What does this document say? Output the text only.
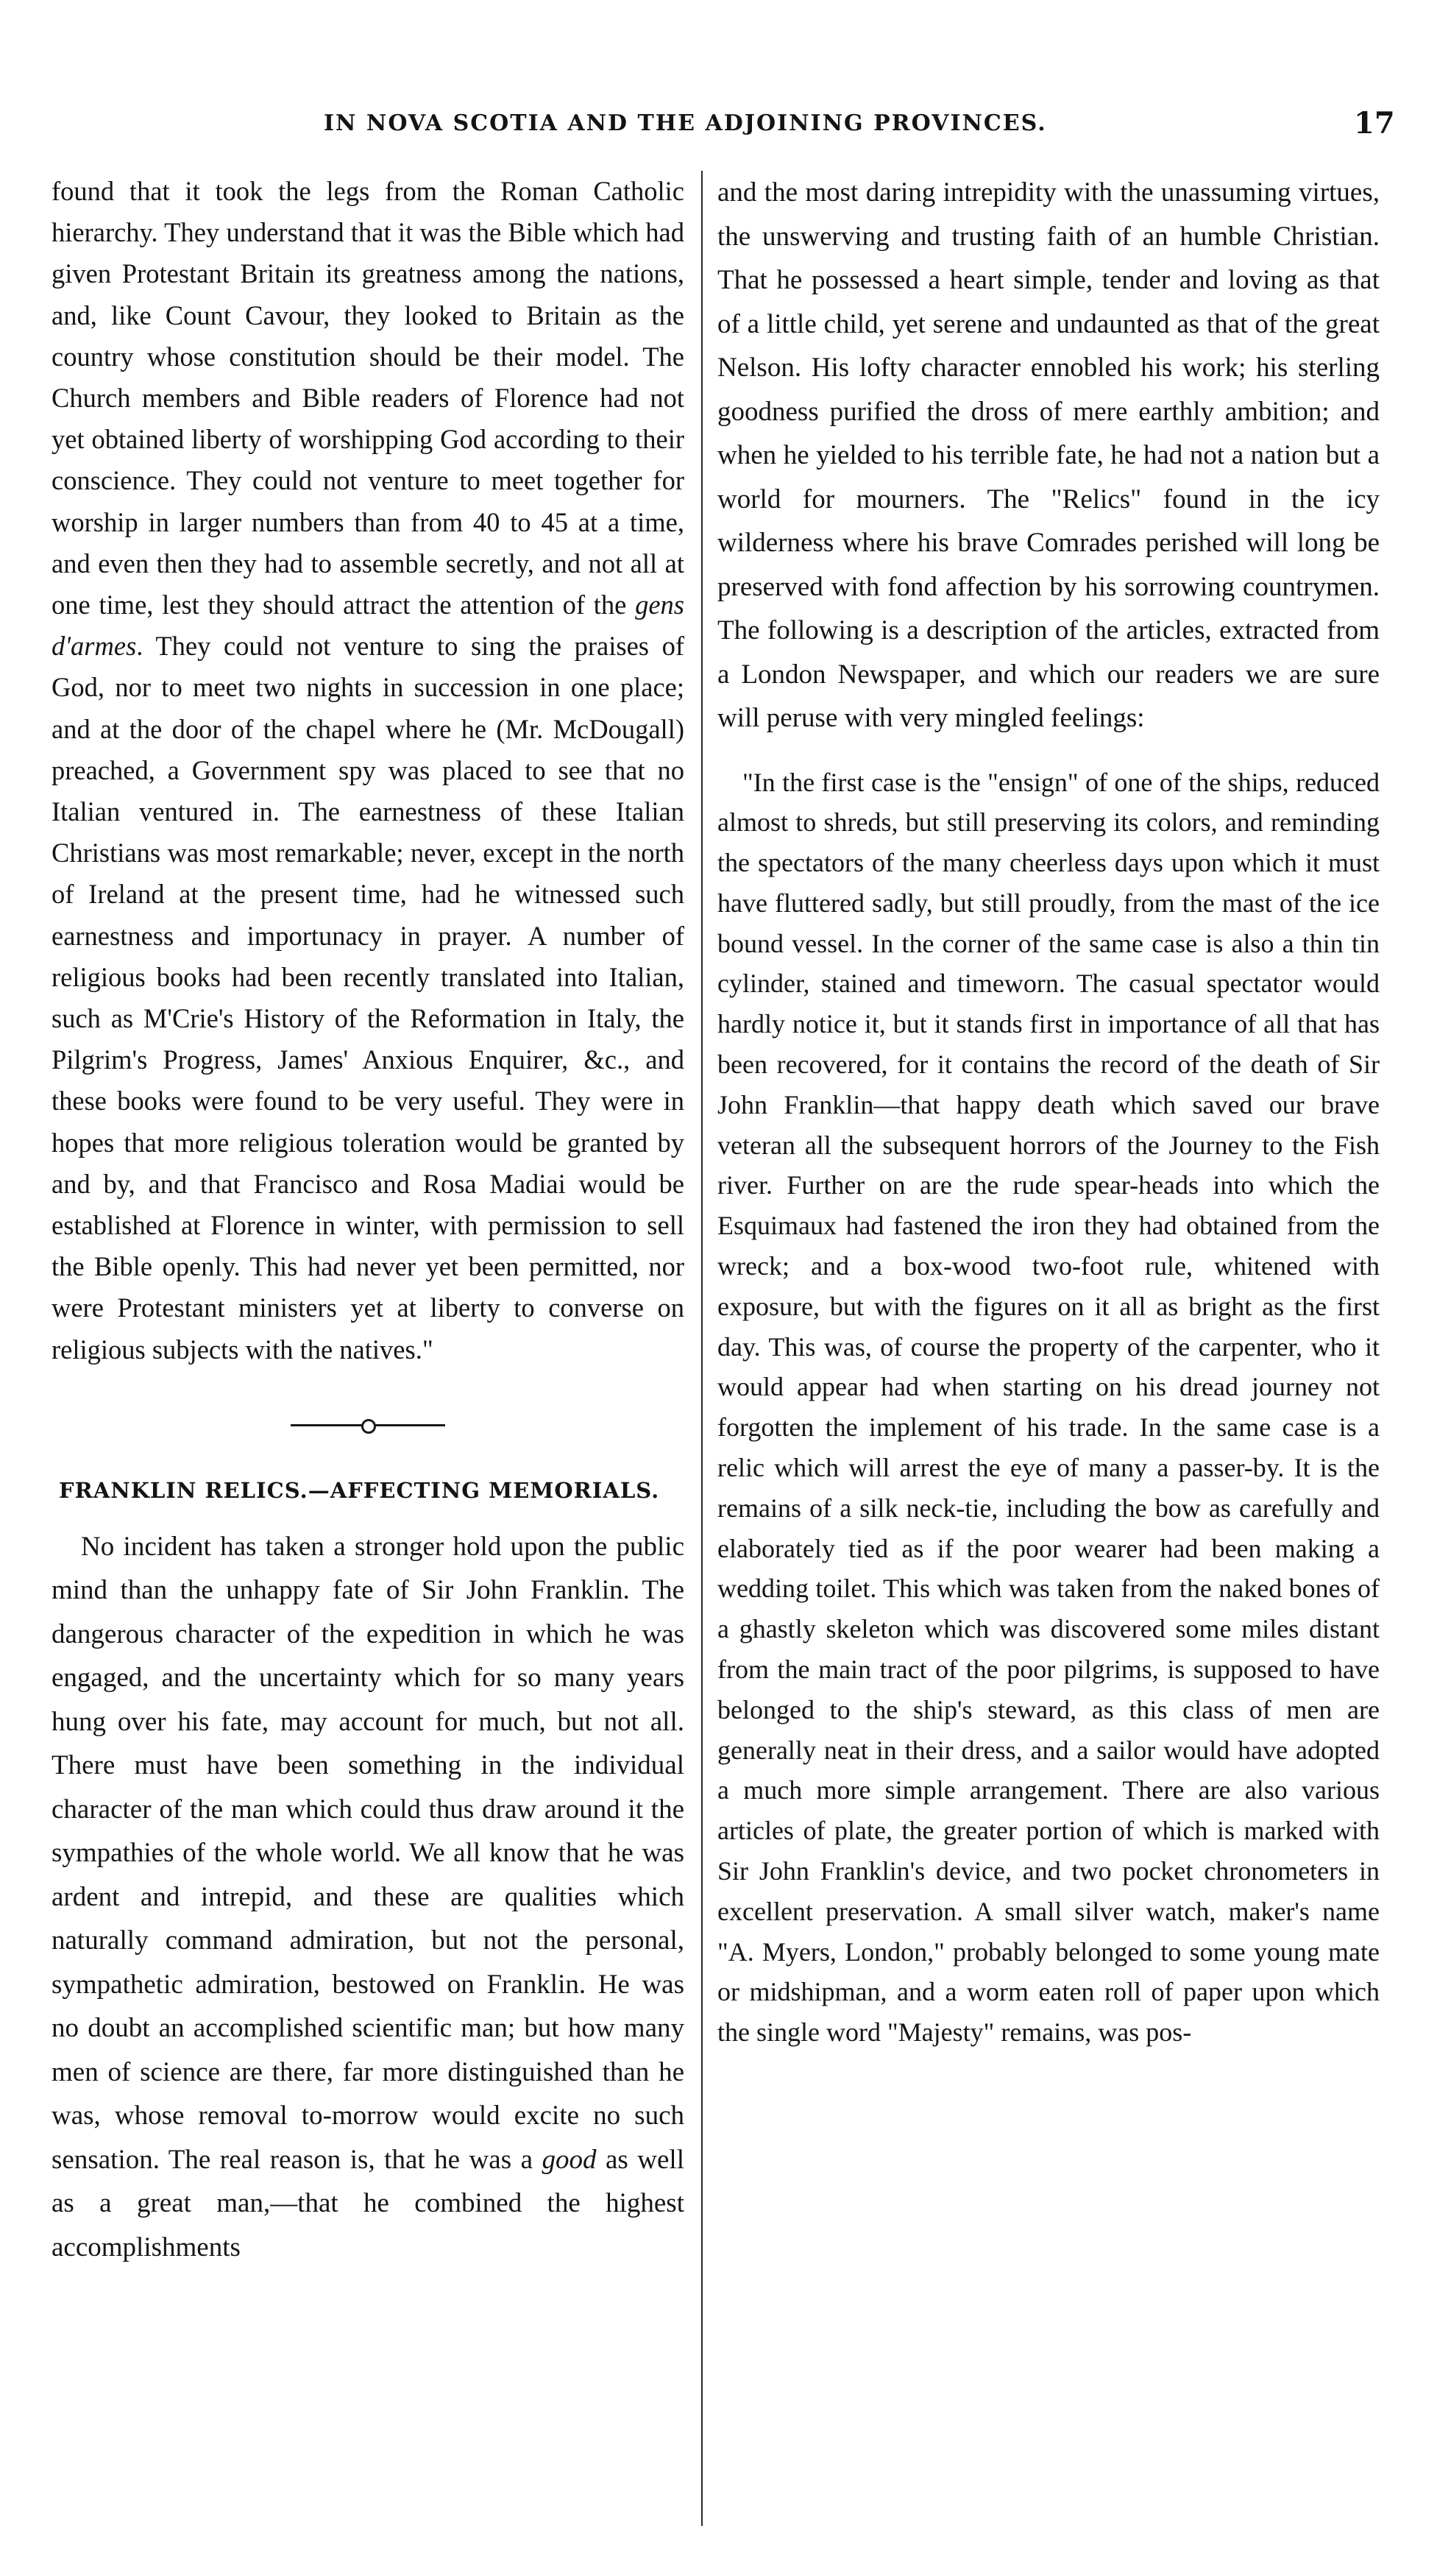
IN NOVA SCOTIA AND THE ADJOINING PROVINCES.	17

found that it took the legs from the Roman Catholic hierarchy. They understand that it was the Bible which had given Protestant Britain its greatness among the nations, and, like Count Cavour, they looked to Britain as the country whose constitution should be their model. The Church members and Bible readers of Florence had not yet obtained liberty of worshipping God according to their conscience. They could not venture to meet together for worship in larger numbers than from 40 to 45 at a time, and even then they had to assemble secretly, and not all at one time, lest they should attract the attention of the gens d'armes. They could not venture to sing the praises of God, nor to meet two nights in succession in one place; and at the door of the chapel where he (Mr. McDougall) preached, a Government spy was placed to see that no Italian ventured in. The earnestness of these Italian Christians was most remarkable; never, except in the north of Ireland at the present time, had he witnessed such earnestness and importunacy in prayer. A number of religious books had been recently translated into Italian, such as M'Crie's History of the Reformation in Italy, the Pilgrim's Progress, James' Anxious Enquirer, &c., and these books were found to be very useful. They were in hopes that more religious toleration would be granted by and by, and that Francisco and Rosa Madiai would be established at Florence in winter, with permission to sell the Bible openly. This had never yet been permitted, nor were Protestant ministers yet at liberty to converse on religious subjects with the natives."

FRANKLIN RELICS.—AFFECTING MEMORIALS.

No incident has taken a stronger hold upon the public mind than the unhappy fate of Sir John Franklin. The dangerous character of the expedition in which he was engaged, and the uncertainty which for so many years hung over his fate, may account for much, but not all. There must have been something in the individual character of the man which could thus draw around it the sympathies of the whole world. We all know that he was ardent and intrepid, and these are qualities which naturally command admiration, but not the personal, sympathetic admiration, bestowed on Franklin. He was no doubt an accomplished scientific man; but how many men of science are there, far more distinguished than he was, whose removal to-morrow would excite no such sensation. The real reason is, that he was a good as well as a great man,—that he combined the highest accomplishments

and the most daring intrepidity with the unassuming virtues, the unswerving and trusting faith of an humble Christian. That he possessed a heart simple, tender and loving as that of a little child, yet serene and undaunted as that of the great Nelson. His lofty character ennobled his work; his sterling goodness purified the dross of mere earthly ambition; and when he yielded to his terrible fate, he had not a nation but a world for mourners. The "Relics" found in the icy wilderness where his brave Comrades perished will long be preserved with fond affection by his sorrowing countrymen. The following is a description of the articles, extracted from a London Newspaper, and which our readers we are sure will peruse with very mingled feelings:

"In the first case is the "ensign" of one of the ships, reduced almost to shreds, but still preserving its colors, and reminding the spectators of the many cheerless days upon which it must have fluttered sadly, but still proudly, from the mast of the ice bound vessel. In the corner of the same case is also a thin tin cylinder, stained and timeworn. The casual spectator would hardly notice it, but it stands first in importance of all that has been recovered, for it contains the record of the death of Sir John Franklin—that happy death which saved our brave veteran all the subsequent horrors of the Journey to the Fish river. Further on are the rude spear-heads into which the Esquimaux had fastened the iron they had obtained from the wreck; and a box-wood two-foot rule, whitened with exposure, but with the figures on it all as bright as the first day. This was, of course the property of the carpenter, who it would appear had when starting on his dread journey not forgotten the implement of his trade. In the same case is a relic which will arrest the eye of many a passer-by. It is the remains of a silk neck-tie, including the bow as carefully and elaborately tied as if the poor wearer had been making a wedding toilet. This which was taken from the naked bones of a ghastly skeleton which was discovered some miles distant from the main tract of the poor pilgrims, is supposed to have belonged to the ship's steward, as this class of men are generally neat in their dress, and a sailor would have adopted a much more simple arrangement. There are also various articles of plate, the greater portion of which is marked with Sir John Franklin's device, and two pocket chronometers in excellent preservation. A small silver watch, maker's name "A. Myers, London," probably belonged to some young mate or midshipman, and a worm eaten roll of paper upon which the single word "Majesty" remains, was pos-
